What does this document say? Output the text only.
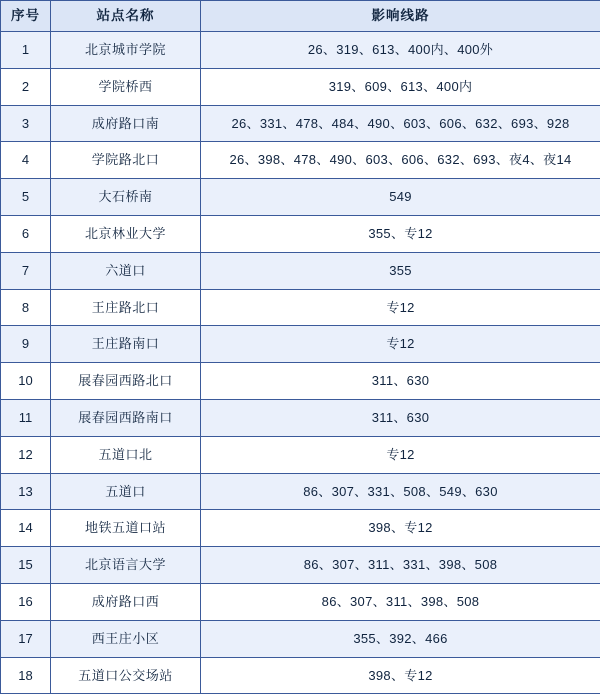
序号	站点名称	影响线路
1	北京城市学院	26、319、613、400内、400外
2	学院桥西	319、609、613、400内
3	成府路口南	26、331、478、484、490、603、606、632、693、928
4	学院路北口	26、398、478、490、603、606、632、693、夜4、夜14
5	大石桥南	549
6	北京林业大学	355、专12
7	六道口	355
8	王庄路北口	专12
9	王庄路南口	专12
10	展春园西路北口	311、630
11	展春园西路南口	311、630
12	五道口北	专12
13	五道口	86、307、331、508、549、630
14	地铁五道口站	398、专12
15	北京语言大学	86、307、311、331、398、508
16	成府路口西	86、307、311、398、508
17	西王庄小区	355、392、466
18	五道口公交场站	398、专12
